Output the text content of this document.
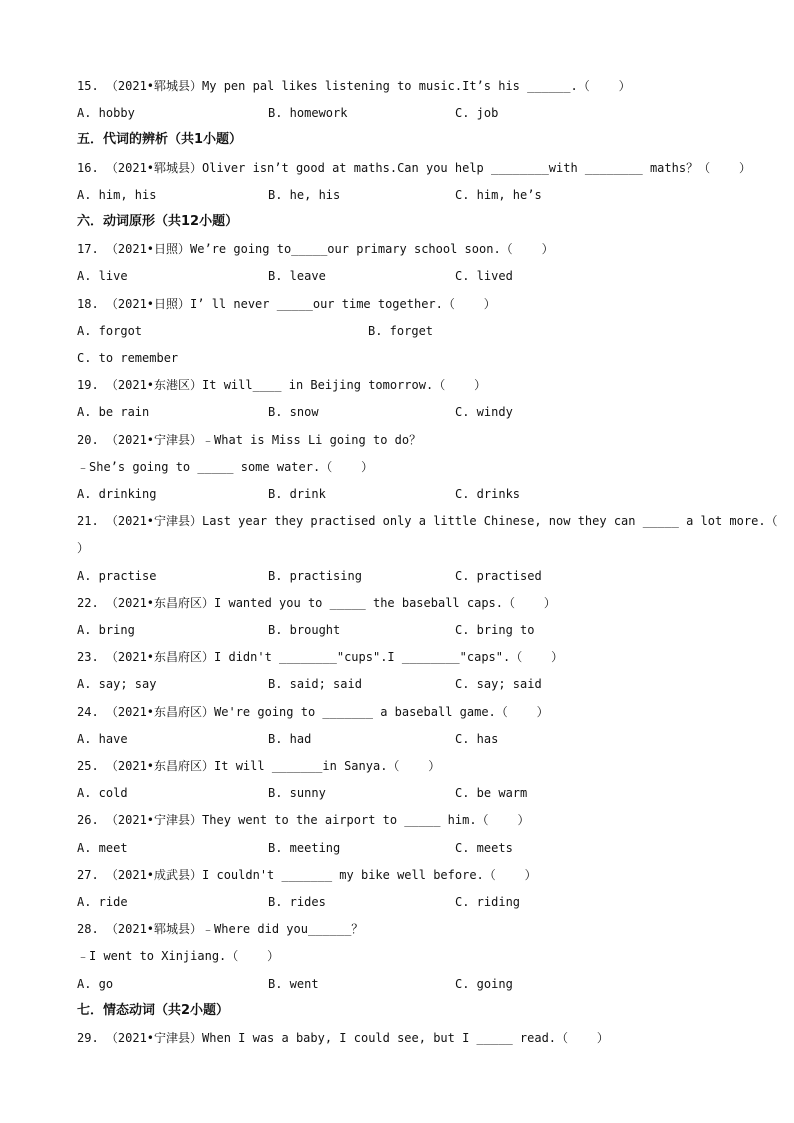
15. （2021•郓城县）My pen pal likes listening to music.It’s his ______.（    ）
A. hobby	B. homework	C. job
五．代词的辨析（共1小题）
16. （2021•郓城县）Oliver isn’t good at maths.Can you help ________with ________ maths？（    ）
A. him, his	B. he, his	C. him, he’s
六．动词原形（共12小题）
17. （2021•日照）We’re going to_____our primary school soon.（    ）
A. live	B. leave	C. lived
18. （2021•日照）I’ ll never _____our time together.（    ）
A. forgot	B. forget
C. to remember
19. （2021•东港区）It will____ in Beijing tomorrow.（    ）
A. be rain	B. snow	C. windy
20. （2021•宁津县）﹣What is Miss Li going to do？
﹣She’s going to _____ some water.（    ）
A. drinking	B. drink	C. drinks
21. （2021•宁津县）Last year they practised only a little Chinese, now they can _____ a lot more.（
）
A. practise	B. practising	C. practised
22. （2021•东昌府区）I wanted you to _____ the baseball caps.（    ）
A. bring	B. brought	C. bring to
23. （2021•东昌府区）I didn't ________"cups".I ________"caps".（    ）
A. say; say	B. said; said	C. say; said
24. （2021•东昌府区）We're going to _______ a baseball game.（    ）
A. have	B. had	C. has
25. （2021•东昌府区）It will _______in Sanya.（    ）
A. cold	B. sunny	C. be warm
26. （2021•宁津县）They went to the airport to _____ him.（    ）
A. meet	B. meeting	C. meets
27. （2021•成武县）I couldn't _______ my bike well before.（    ）
A. ride	B. rides	C. riding
28. （2021•郓城县）﹣Where did you______？
﹣I went to Xinjiang.（    ）
A. go	B. went	C. going
七．情态动词（共2小题）
29. （2021•宁津县）When I was a baby, I could see, but I _____ read.（    ）
